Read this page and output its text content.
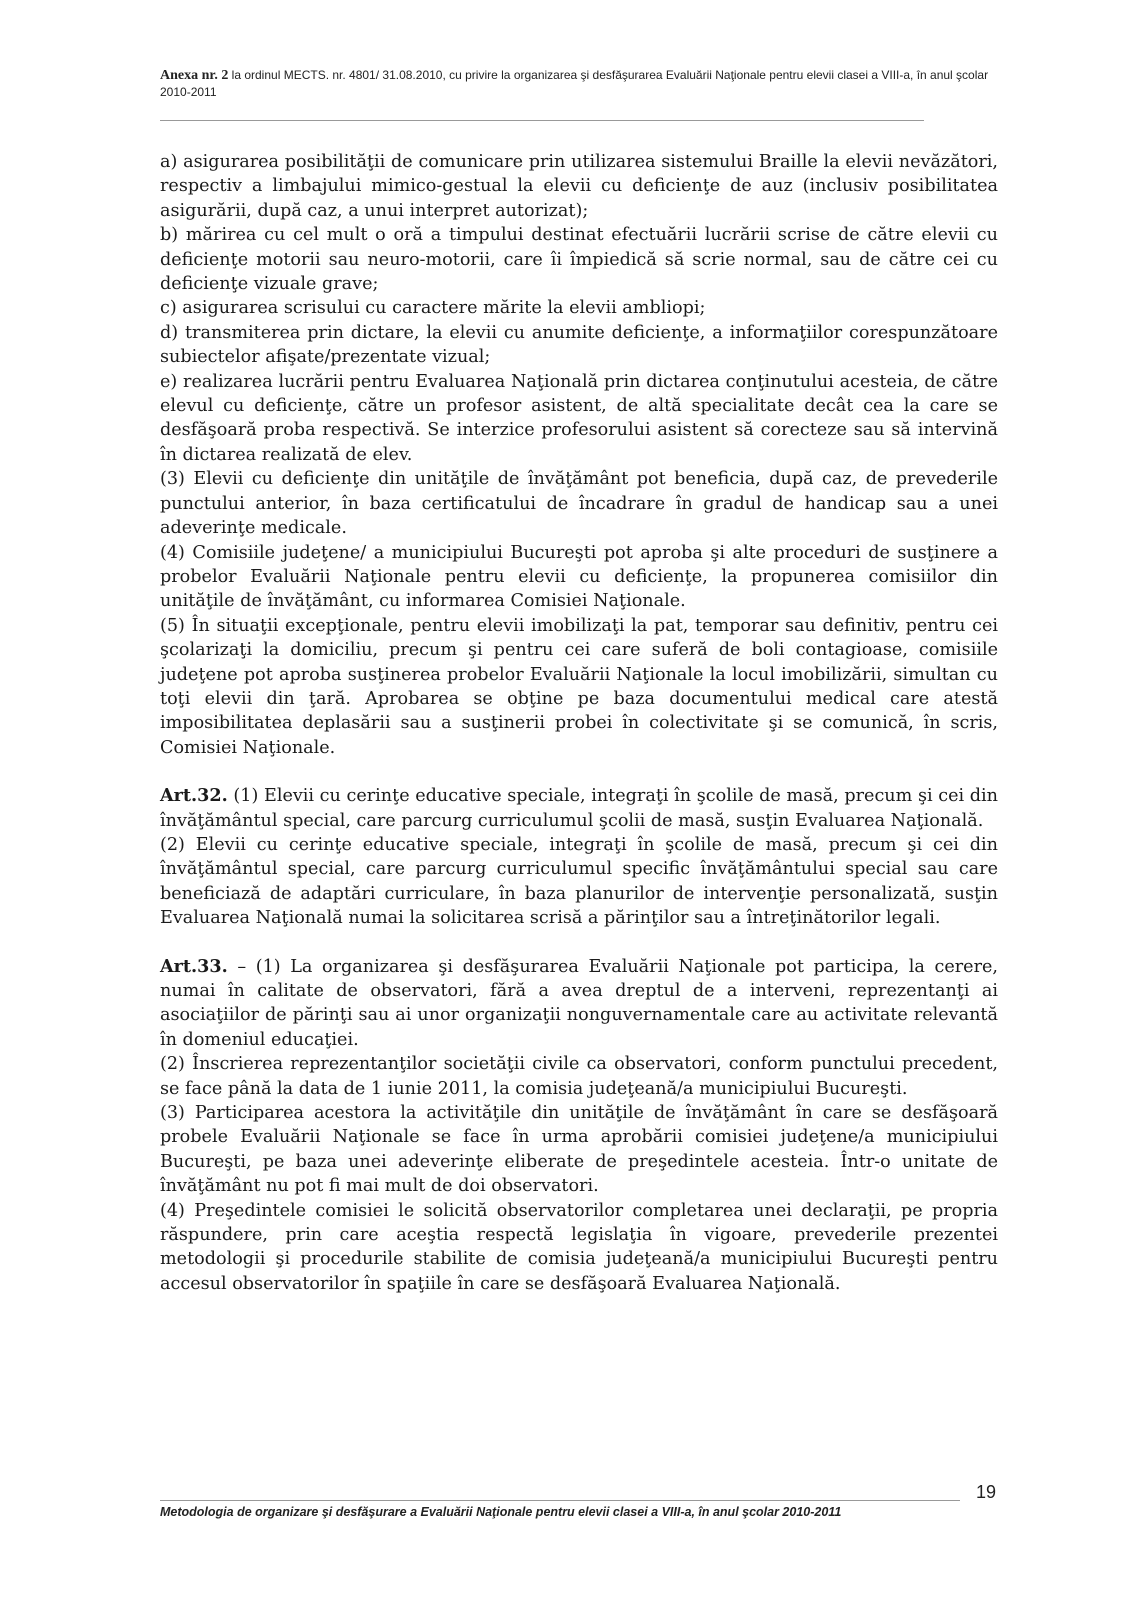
Anexa nr. 2 la ordinul MECTS. nr. 4801/ 31.08.2010, cu privire la organizarea şi desfăşurarea Evaluării Naţionale pentru elevii clasei a VIII-a, în anul şcolar 2010-2011

a) asigurarea posibilităţii de comunicare prin utilizarea sistemului Braille la elevii nevăzători, respectiv a limbajului mimico-gestual la elevii cu deficienţe de auz (inclusiv posibilitatea asigurării, după caz, a unui interpret autorizat);

b) mărirea cu cel mult o oră a timpului destinat efectuării lucrării scrise de către elevii cu deficienţe motorii sau neuro-motorii, care îi împiedică să scrie normal, sau de către cei cu deficienţe vizuale grave;

c) asigurarea scrisului cu caractere mărite la elevii ambliopi;

d) transmiterea prin dictare, la elevii cu anumite deficienţe, a informaţiilor corespunzătoare subiectelor afişate/prezentate vizual;

e) realizarea lucrării pentru Evaluarea Naţională prin dictarea conţinutului acesteia, de către elevul cu deficienţe, către un profesor asistent, de altă specialitate decât cea la care se desfăşoară proba respectivă. Se interzice profesorului asistent să corecteze sau să intervină în dictarea realizată de elev.

(3) Elevii cu deficienţe din unităţile de învăţământ pot beneficia, după caz, de prevederile punctului anterior, în baza certificatului de încadrare în gradul de handicap sau a unei adeverinţe medicale.

(4) Comisiile judeţene/ a municipiului Bucureşti pot aproba şi alte proceduri de susţinere a probelor Evaluării Naţionale pentru elevii cu deficienţe, la propunerea comisiilor din unităţile de învăţământ, cu informarea Comisiei Naţionale.

(5) În situaţii excepţionale, pentru elevii imobilizaţi la pat, temporar sau definitiv, pentru cei şcolarizaţi la domiciliu, precum şi pentru cei care suferă de boli contagioase, comisiile judeţene pot aproba susţinerea probelor Evaluării Naţionale la locul imobilizării, simultan cu toţi elevii din ţară. Aprobarea se obţine pe baza documentului medical care atestă imposibilitatea deplasării sau a susţinerii probei în colectivitate şi se comunică, în scris, Comisiei Naţionale.

Art.32. (1) Elevii cu cerinţe educative speciale, integraţi în şcolile de masă, precum şi cei din învăţământul special, care parcurg curriculumul şcolii de masă, susţin Evaluarea Naţională.

(2) Elevii cu cerinţe educative speciale, integraţi în şcolile de masă, precum şi cei din învăţământul special, care parcurg curriculumul specific învăţământului special sau care beneficiază de adaptări curriculare, în baza planurilor de intervenţie personalizată, susţin Evaluarea Naţională numai la solicitarea scrisă a părinţilor sau a întreţinătorilor legali.

Art.33. – (1) La organizarea şi desfăşurarea Evaluării Naţionale pot participa, la cerere, numai în calitate de observatori, fără a avea dreptul de a interveni, reprezentanţi ai asociaţiilor de părinţi sau ai unor organizaţii nonguvernamentale care au activitate relevantă în domeniul educaţiei.

(2) Înscrierea reprezentanţilor societăţii civile ca observatori, conform punctului precedent, se face până la data de 1 iunie 2011, la comisia judeţeană/a municipiului Bucureşti.

(3) Participarea acestora la activităţile din unităţile de învăţământ în care se desfăşoară probele Evaluării Naţionale se face în urma aprobării comisiei judeţene/a municipiului Bucureşti, pe baza unei adeverinţe eliberate de preşedintele acesteia. Într-o unitate de învăţământ nu pot fi mai mult de doi observatori.

(4) Preşedintele comisiei le solicită observatorilor completarea unei declaraţii, pe propria răspundere, prin care aceştia respectă legislaţia în vigoare, prevederile prezentei metodologii şi procedurile stabilite de comisia judeţeană/a municipiului Bucureşti pentru accesul observatorilor în spaţiile în care se desfăşoară Evaluarea Naţională.

Metodologia de organizare şi desfăşurare a Evaluării Naţionale pentru elevii clasei a VIII-a, în anul şcolar 2010-2011
19
